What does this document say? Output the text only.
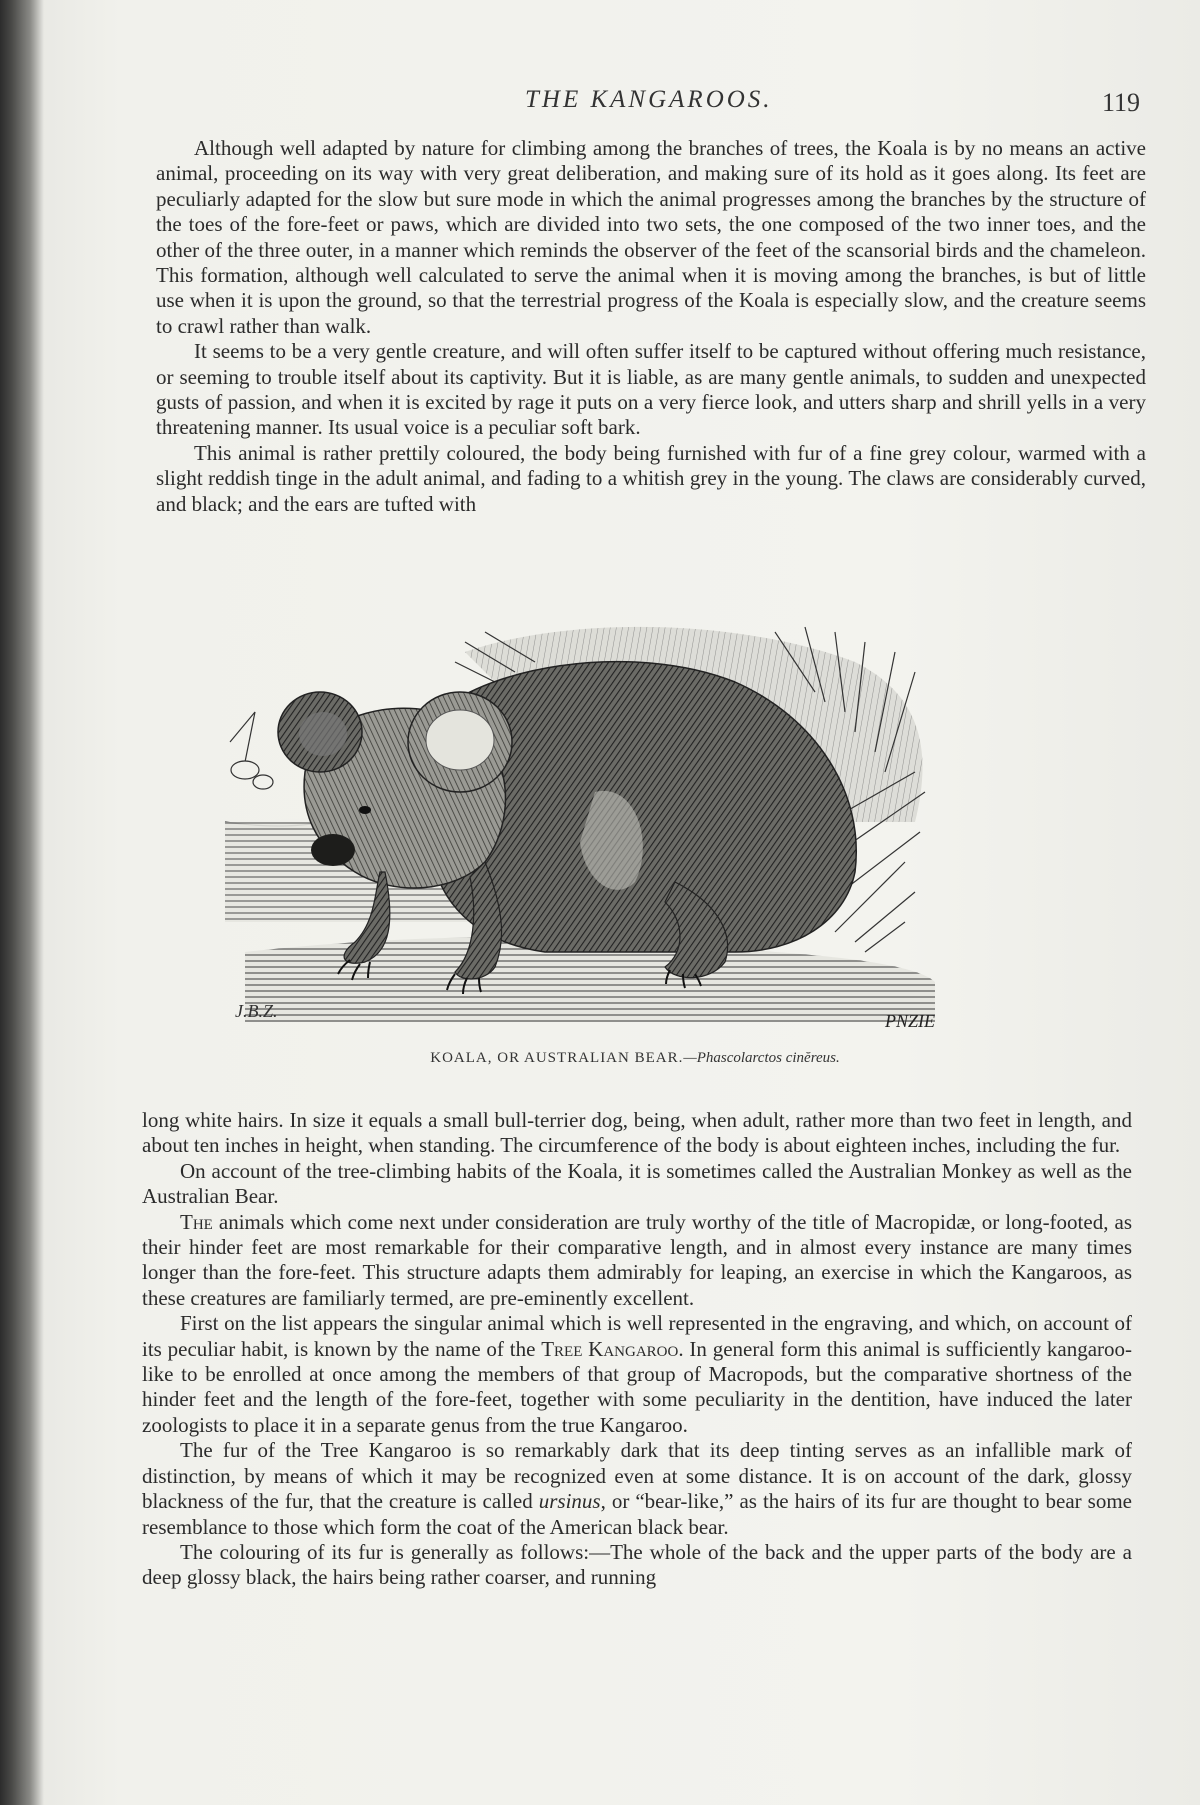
THE KANGAROOS.	119

Although well adapted by nature for climbing among the branches of trees, the Koala is by no means an active animal, proceeding on its way with very great deliberation, and making sure of its hold as it goes along. Its feet are peculiarly adapted for the slow but sure mode in which the animal progresses among the branches by the structure of the toes of the fore-feet or paws, which are divided into two sets, the one composed of the two inner toes, and the other of the three outer, in a manner which reminds the observer of the feet of the scansorial birds and the chameleon. This formation, although well calculated to serve the animal when it is moving among the branches, is but of little use when it is upon the ground, so that the terrestrial progress of the Koala is especially slow, and the creature seems to crawl rather than walk.

It seems to be a very gentle creature, and will often suffer itself to be captured without offering much resistance, or seeming to trouble itself about its captivity. But it is liable, as are many gentle animals, to sudden and unexpected gusts of passion, and when it is excited by rage it puts on a very fierce look, and utters sharp and shrill yells in a very threatening manner. Its usual voice is a peculiar soft bark.

This animal is rather prettily coloured, the body being furnished with fur of a fine grey colour, warmed with a slight reddish tinge in the adult animal, and fading to a whitish grey in the young. The claws are considerably curved, and black; and the ears are tufted with

J.B.Z.	PNZIE
KOALA, OR AUSTRALIAN BEAR.—Phascolarctos cinĕreus.

long white hairs. In size it equals a small bull-terrier dog, being, when adult, rather more than two feet in length, and about ten inches in height, when standing. The circumference of the body is about eighteen inches, including the fur.

On account of the tree-climbing habits of the Koala, it is sometimes called the Australian Monkey as well as the Australian Bear.

The animals which come next under consideration are truly worthy of the title of Macropidæ, or long-footed, as their hinder feet are most remarkable for their comparative length, and in almost every instance are many times longer than the fore-feet. This structure adapts them admirably for leaping, an exercise in which the Kangaroos, as these creatures are familiarly termed, are pre-eminently excellent.

First on the list appears the singular animal which is well represented in the engraving, and which, on account of its peculiar habit, is known by the name of the Tree Kangaroo. In general form this animal is sufficiently kangaroo-like to be enrolled at once among the members of that group of Macropods, but the comparative shortness of the hinder feet and the length of the fore-feet, together with some peculiarity in the dentition, have induced the later zoologists to place it in a separate genus from the true Kangaroo.

The fur of the Tree Kangaroo is so remarkably dark that its deep tinting serves as an infallible mark of distinction, by means of which it may be recognized even at some distance. It is on account of the dark, glossy blackness of the fur, that the creature is called ursinus, or “bear-like,” as the hairs of its fur are thought to bear some resemblance to those which form the coat of the American black bear.

The colouring of its fur is generally as follows:—The whole of the back and the upper parts of the body are a deep glossy black, the hairs being rather coarser, and running
